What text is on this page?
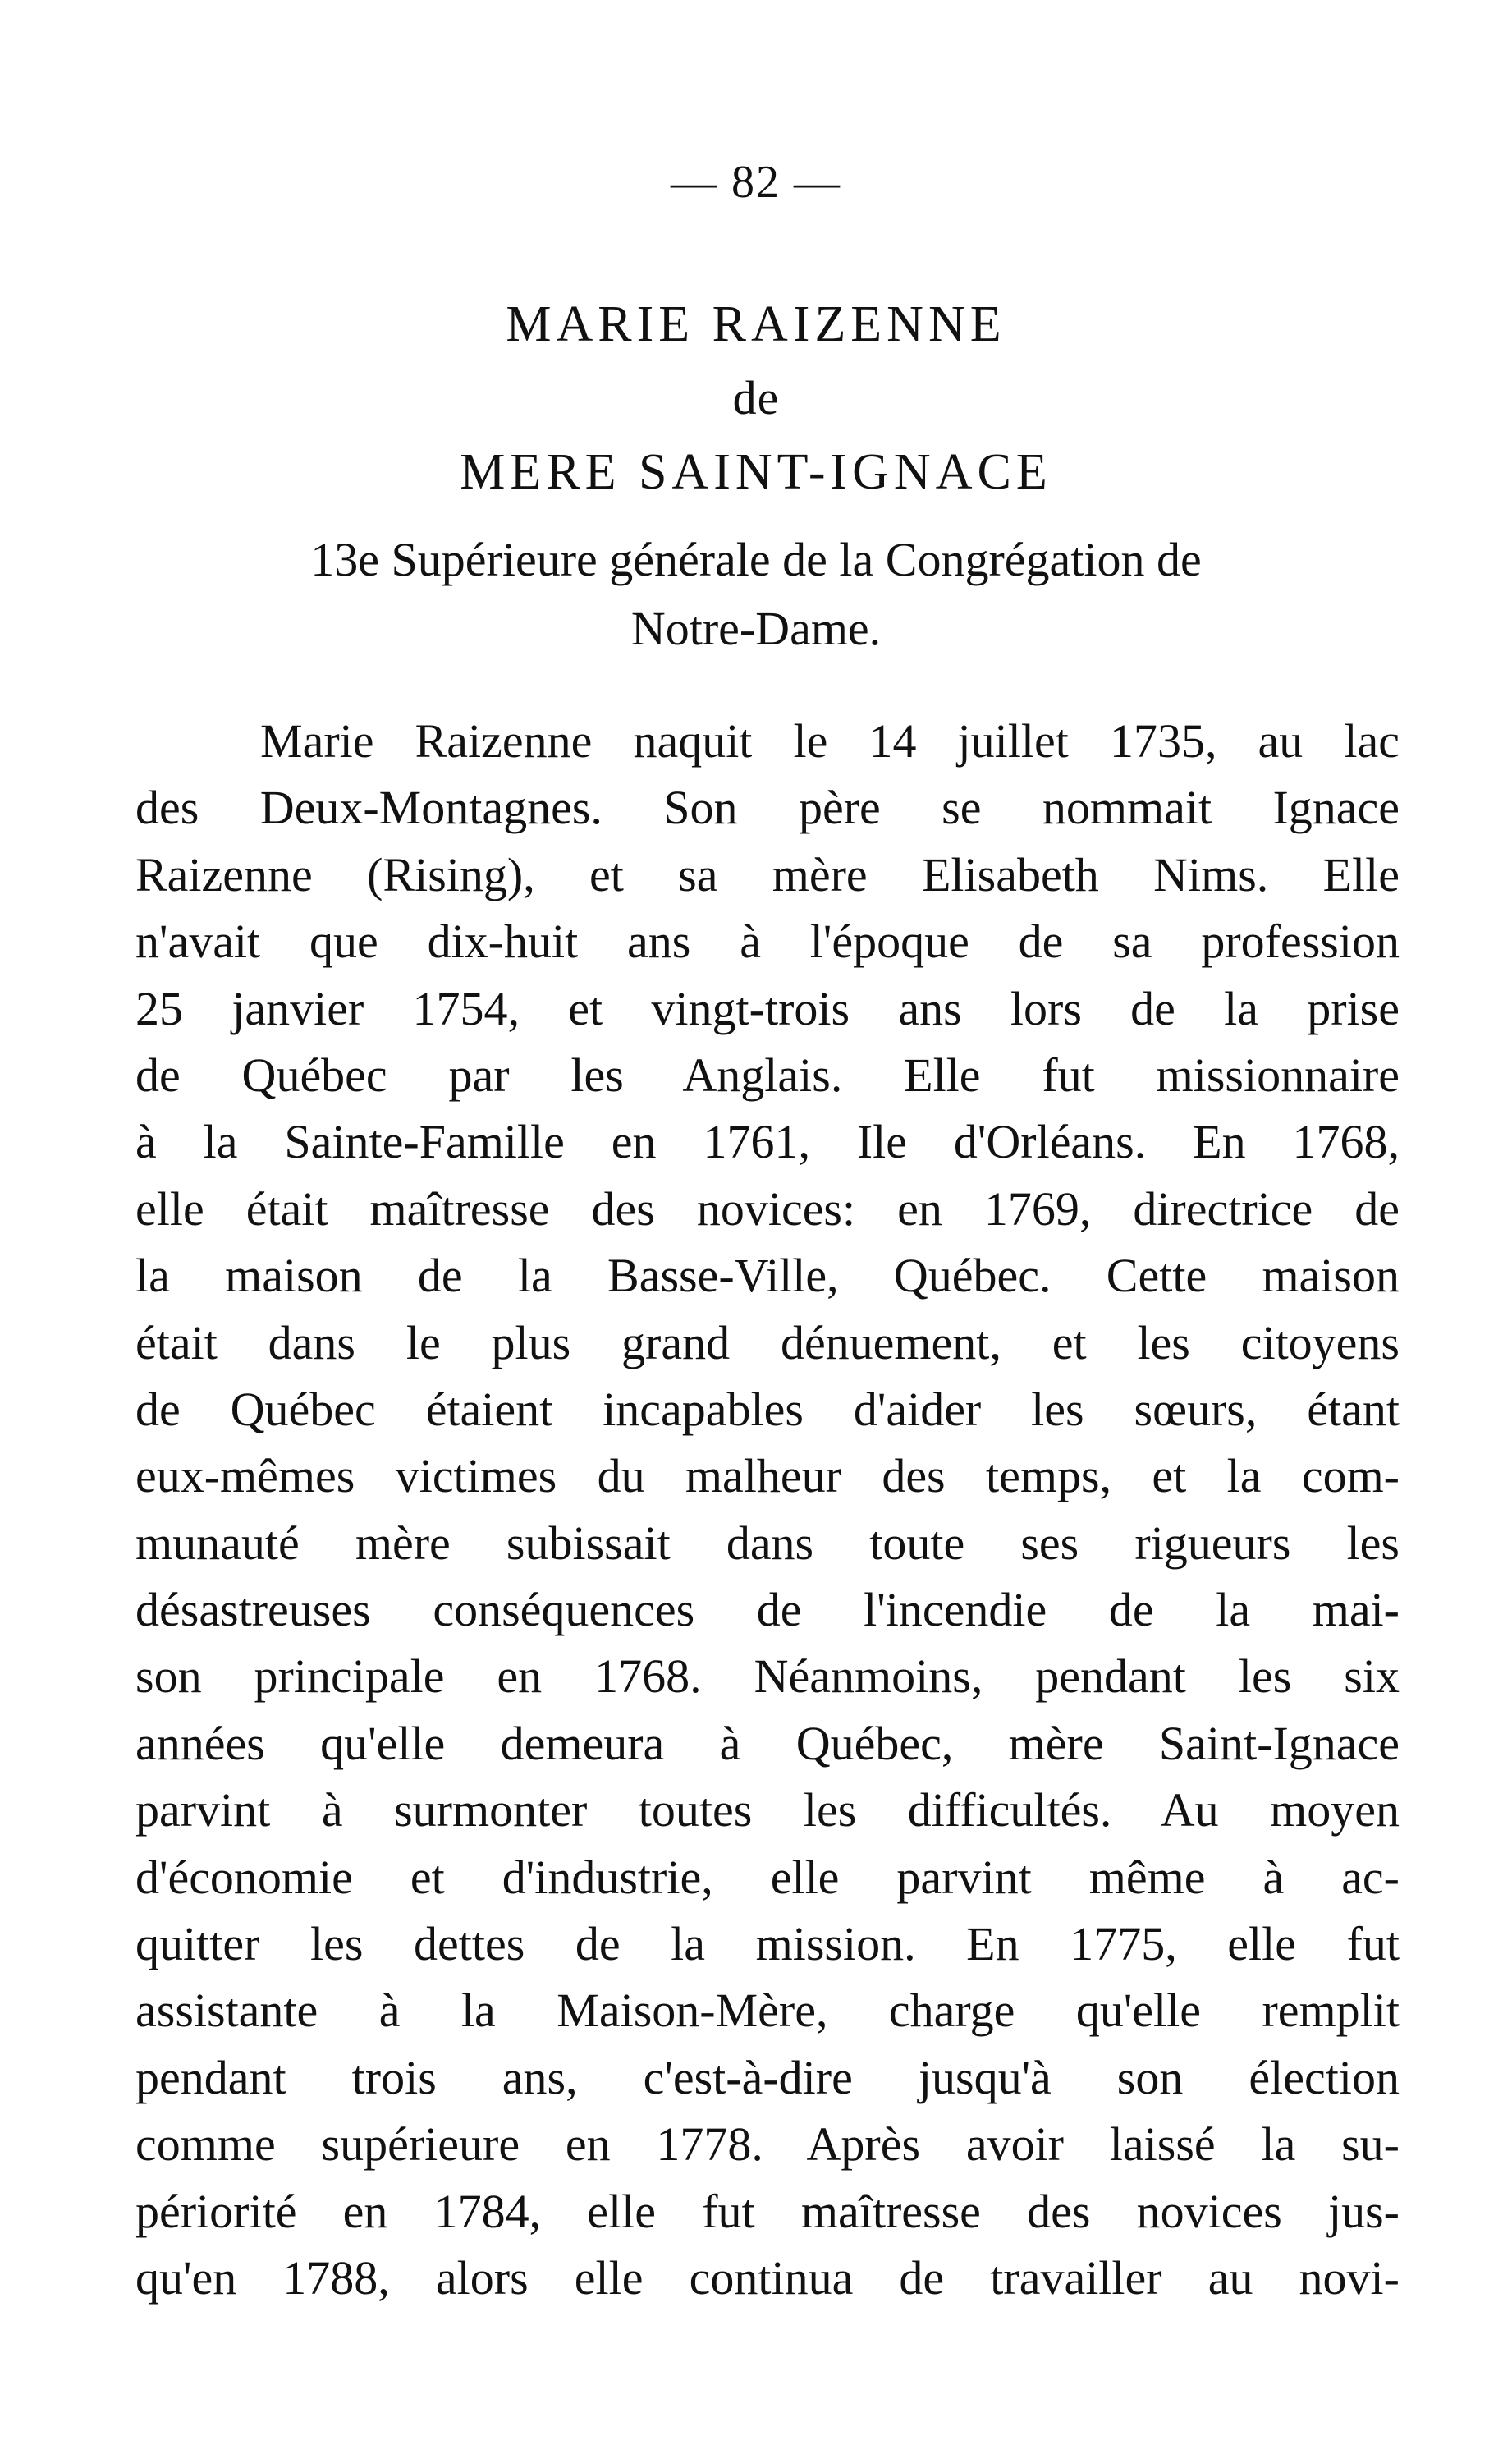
— 82 —
MARIE RAIZENNE
de
MERE SAINT-IGNACE
13e Supérieure générale de la Congrégation de
Notre-Dame.
Marie Raizenne naquit le 14 juillet 1735, au lac
des Deux-Montagnes. Son père se nommait Ignace
Raizenne (Rising), et sa mère Elisabeth Nims. Elle
n'avait que dix-huit ans à l'époque de sa profession
25 janvier 1754, et vingt-trois ans lors de la prise
de Québec par les Anglais. Elle fut missionnaire
à la Sainte-Famille en 1761, Ile d'Orléans. En 1768,
elle était maîtresse des novices: en 1769, directrice de
la maison de la Basse-Ville, Québec. Cette maison
était dans le plus grand dénuement, et les citoyens
de Québec étaient incapables d'aider les sœurs, étant
eux-mêmes victimes du malheur des temps, et la com-
munauté mère subissait dans toute ses rigueurs les
désastreuses conséquences de l'incendie de la mai-
son principale en 1768. Néanmoins, pendant les six
années qu'elle demeura à Québec, mère Saint-Ignace
parvint à surmonter toutes les difficultés. Au moyen
d'économie et d'industrie, elle parvint même à ac-
quitter les dettes de la mission. En 1775, elle fut
assistante à la Maison-Mère, charge qu'elle remplit
pendant trois ans, c'est-à-dire jusqu'à son élection
comme supérieure en 1778. Après avoir laissé la su-
périorité en 1784, elle fut maîtresse des novices jus-
qu'en 1788, alors elle continua de travailler au novi-
